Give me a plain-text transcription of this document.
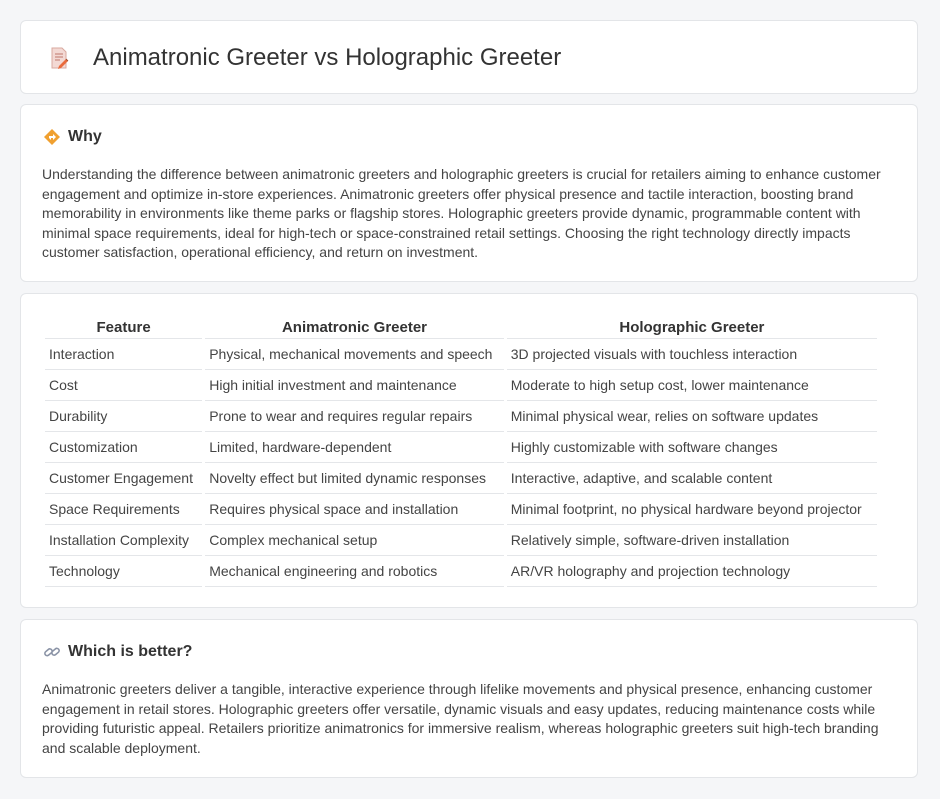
Animatronic Greeter vs Holographic Greeter
Why

Understanding the difference between animatronic greeters and holographic greeters is crucial for retailers aiming to enhance customer engagement and optimize in-store experiences. Animatronic greeters offer physical presence and tactile interaction, boosting brand memorability in environments like theme parks or flagship stores. Holographic greeters provide dynamic, programmable content with minimal space requirements, ideal for high-tech or space-constrained retail settings. Choosing the right technology directly impacts customer satisfaction, operational efficiency, and return on investment.

Feature	Animatronic Greeter	Holographic Greeter
Interaction	Physical, mechanical movements and speech	3D projected visuals with touchless interaction
Cost	High initial investment and maintenance	Moderate to high setup cost, lower maintenance
Durability	Prone to wear and requires regular repairs	Minimal physical wear, relies on software updates
Customization	Limited, hardware-dependent	Highly customizable with software changes
Customer Engagement	Novelty effect but limited dynamic responses	Interactive, adaptive, and scalable content
Space Requirements	Requires physical space and installation	Minimal footprint, no physical hardware beyond projector
Installation Complexity	Complex mechanical setup	Relatively simple, software-driven installation
Technology	Mechanical engineering and robotics	AR/VR holography and projection technology
Which is better?

Animatronic greeters deliver a tangible, interactive experience through lifelike movements and physical presence, enhancing customer engagement in retail stores. Holographic greeters offer versatile, dynamic visuals and easy updates, reducing maintenance costs while providing futuristic appeal. Retailers prioritize animatronics for immersive realism, whereas holographic greeters suit high-tech branding and scalable deployment.
